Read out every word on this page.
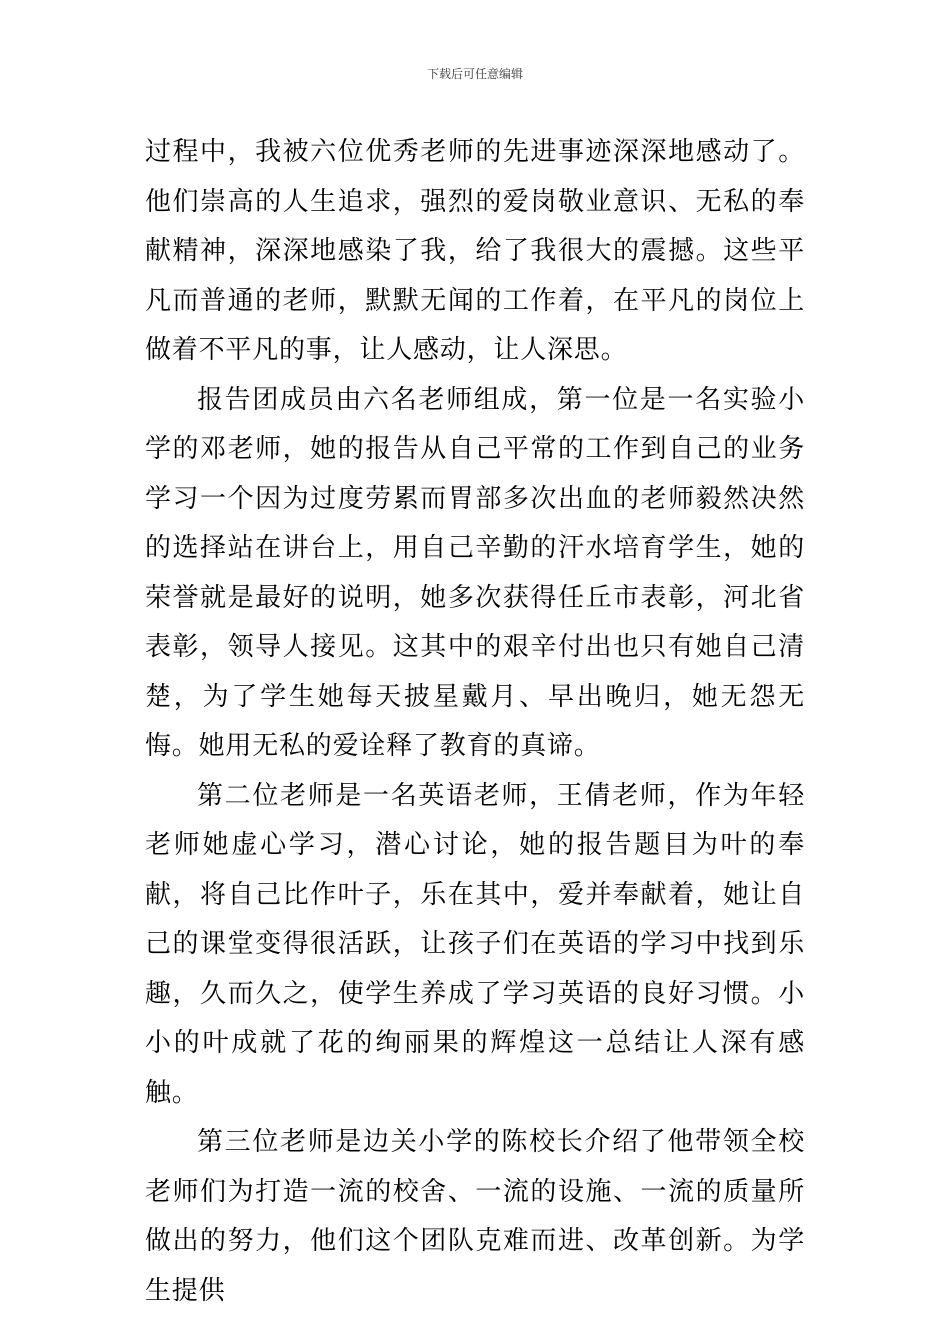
下载后可任意编辑

过程中，我被六位优秀老师的先进事迹深深地感动了。他们崇高的人生追求，强烈的爱岗敬业意识、无私的奉献精神，深深地感染了我，给了我很大的震撼。这些平凡而普通的老师，默默无闻的工作着，在平凡的岗位上做着不平凡的事，让人感动，让人深思。

报告团成员由六名老师组成，第一位是一名实验小学的邓老师，她的报告从自己平常的工作到自己的业务学习一个因为过度劳累而胃部多次出血的老师毅然决然的选择站在讲台上，用自己辛勤的汗水培育学生，她的荣誉就是最好的说明，她多次获得任丘市表彰，河北省表彰，领导人接见。这其中的艰辛付出也只有她自己清楚，为了学生她每天披星戴月、早出晚归，她无怨无悔。她用无私的爱诠释了教育的真谛。

第二位老师是一名英语老师，王倩老师，作为年轻老师她虚心学习，潜心讨论，她的报告题目为叶的奉献，将自己比作叶子，乐在其中，爱并奉献着，她让自己的课堂变得很活跃，让孩子们在英语的学习中找到乐趣，久而久之，使学生养成了学习英语的良好习惯。小小的叶成就了花的绚丽果的辉煌这一总结让人深有感触。

第三位老师是边关小学的陈校长介绍了他带领全校老师们为打造一流的校舍、一流的设施、一流的质量所做出的努力，他们这个团队克难而进、改革创新。为学生提供
